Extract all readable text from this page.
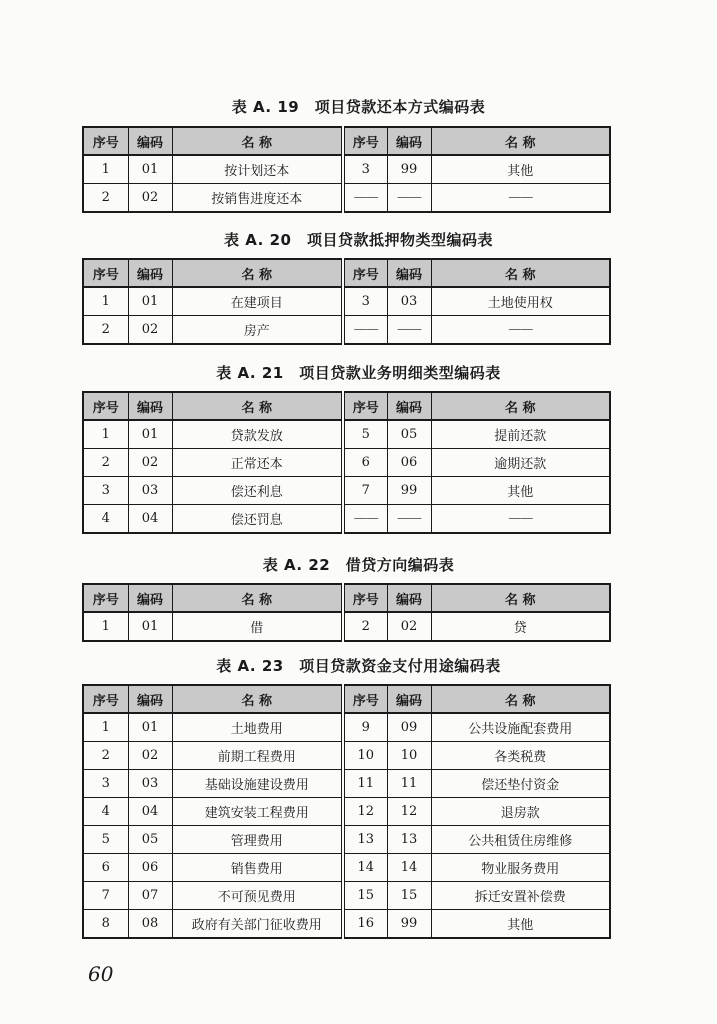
表 A. 19　项目贷款还本方式编码表
序号	编码	名 称	序号	编码	名 称
1	01	按计划还本	3	99	其他
2	02	按销售进度还本	——	——	——
表 A. 20　项目贷款抵押物类型编码表
序号	编码	名 称	序号	编码	名 称
1	01	在建项目	3	03	土地使用权
2	02	房产	——	——	——
表 A. 21　项目贷款业务明细类型编码表
序号	编码	名 称	序号	编码	名 称
1	01	贷款发放	5	05	提前还款
2	02	正常还本	6	06	逾期还款
3	03	偿还利息	7	99	其他
4	04	偿还罚息	——	——	——
表 A. 22　借贷方向编码表
序号	编码	名 称	序号	编码	名 称
1	01	借	2	02	贷
表 A. 23　项目贷款资金支付用途编码表
序号	编码	名 称	序号	编码	名 称
1	01	土地费用	9	09	公共设施配套费用
2	02	前期工程费用	10	10	各类税费
3	03	基础设施建设费用	11	11	偿还垫付资金
4	04	建筑安装工程费用	12	12	退房款
5	05	管理费用	13	13	公共租赁住房维修
6	06	销售费用	14	14	物业服务费用
7	07	不可预见费用	15	15	拆迁安置补偿费
8	08	政府有关部门征收费用	16	99	其他
60
